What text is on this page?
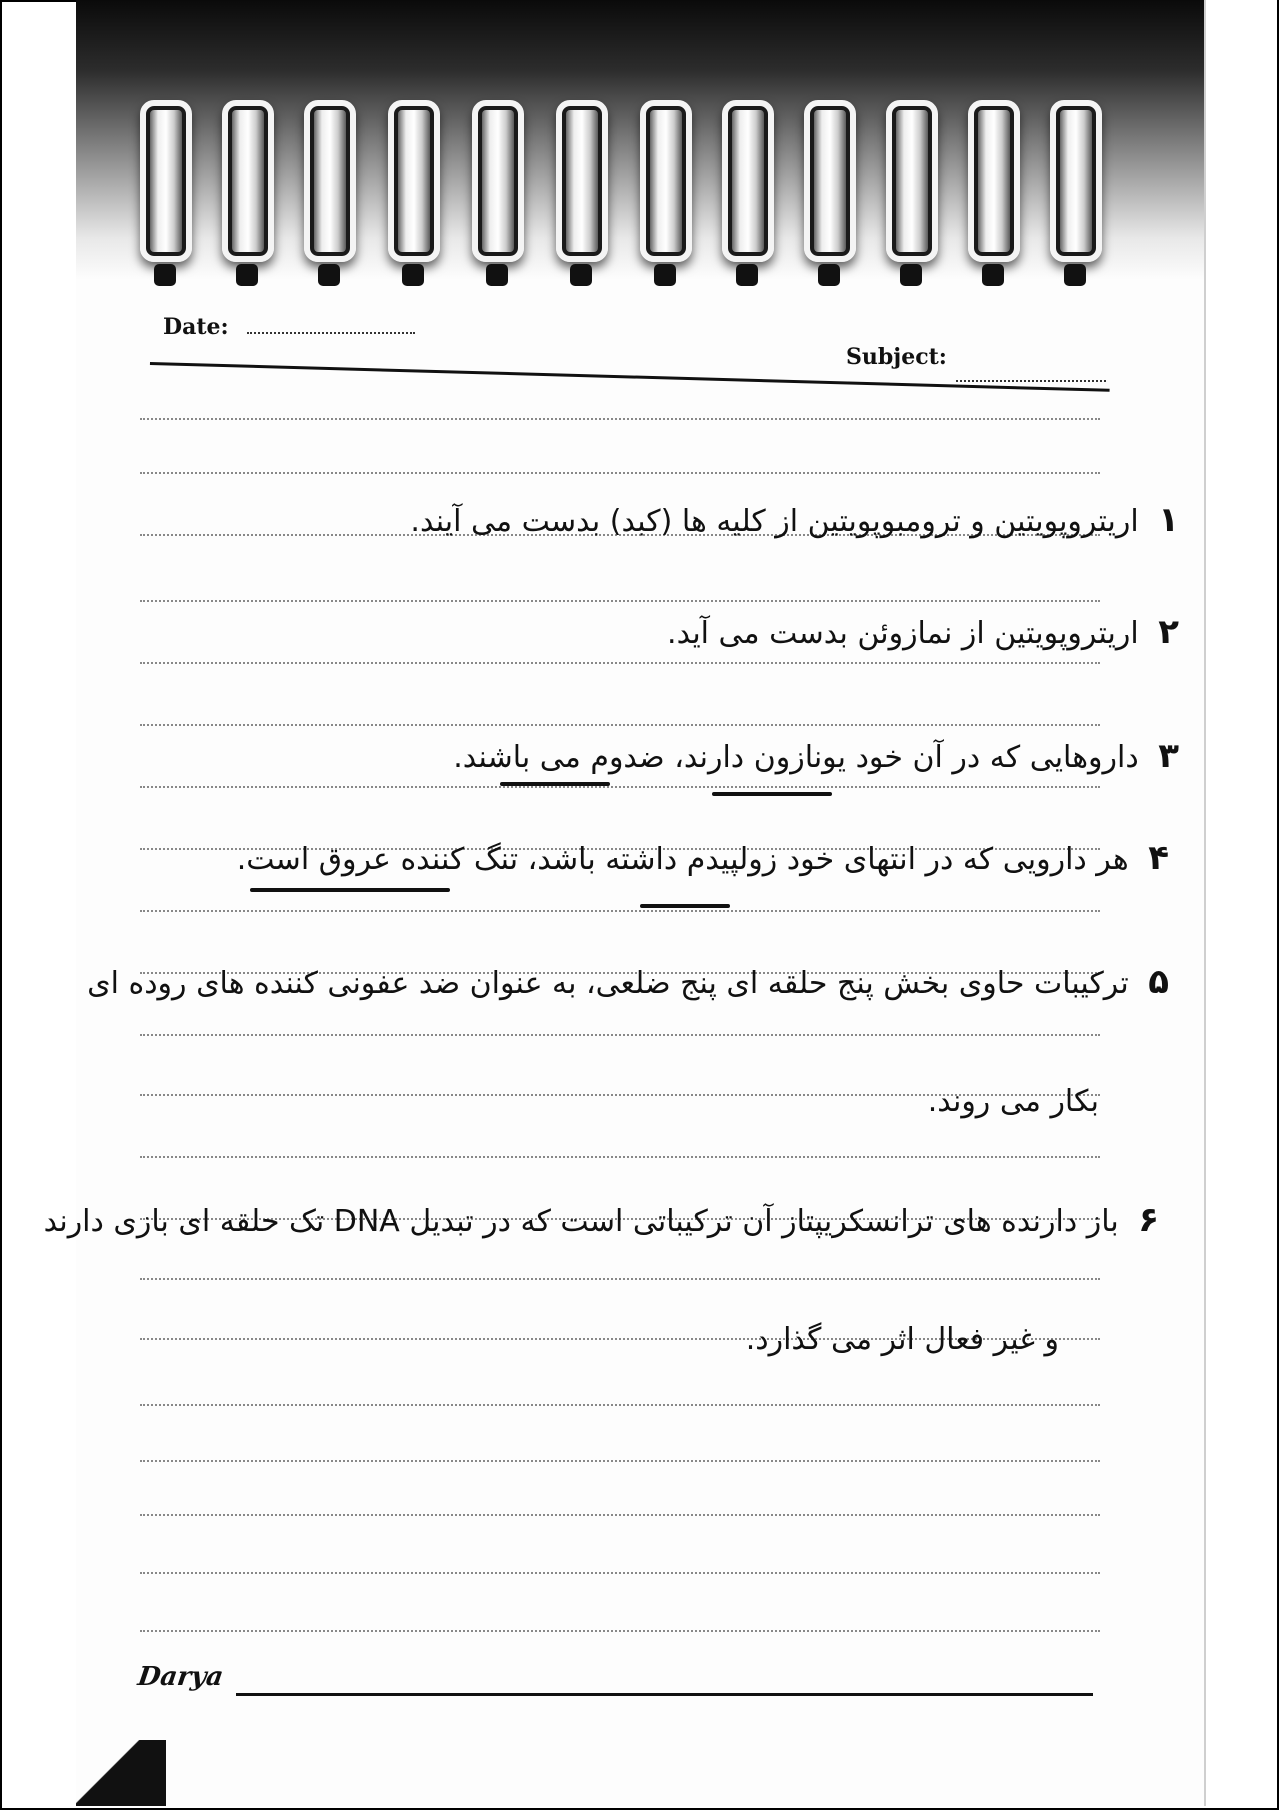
Date:
Subject:
۱ اریتروپویتین و ترومبوپویتین از کلیه ها (کبد) بدست می آیند.
۲ اریتروپویتین از نمازوئن بدست می آید.
۳ داروهایی که در آن خود یونازون دارند، ضدوم می باشند.
۴ هر دارویی که در انتهای خود زولپیدم داشته باشد، تنگ کننده عروق است.
۵ ترکیبات حاوی بخش پنج حلقه ای پنج ضلعی، به عنوان ضد عفونی کننده های روده ای
بکار می روند.
۶ باز دارنده های ترانسکریپتاز آن ترکیباتی است که در تبدیل DNA تک حلقه ای بازی دارند
و غیر فعال اثر می گذارد.
Darya
